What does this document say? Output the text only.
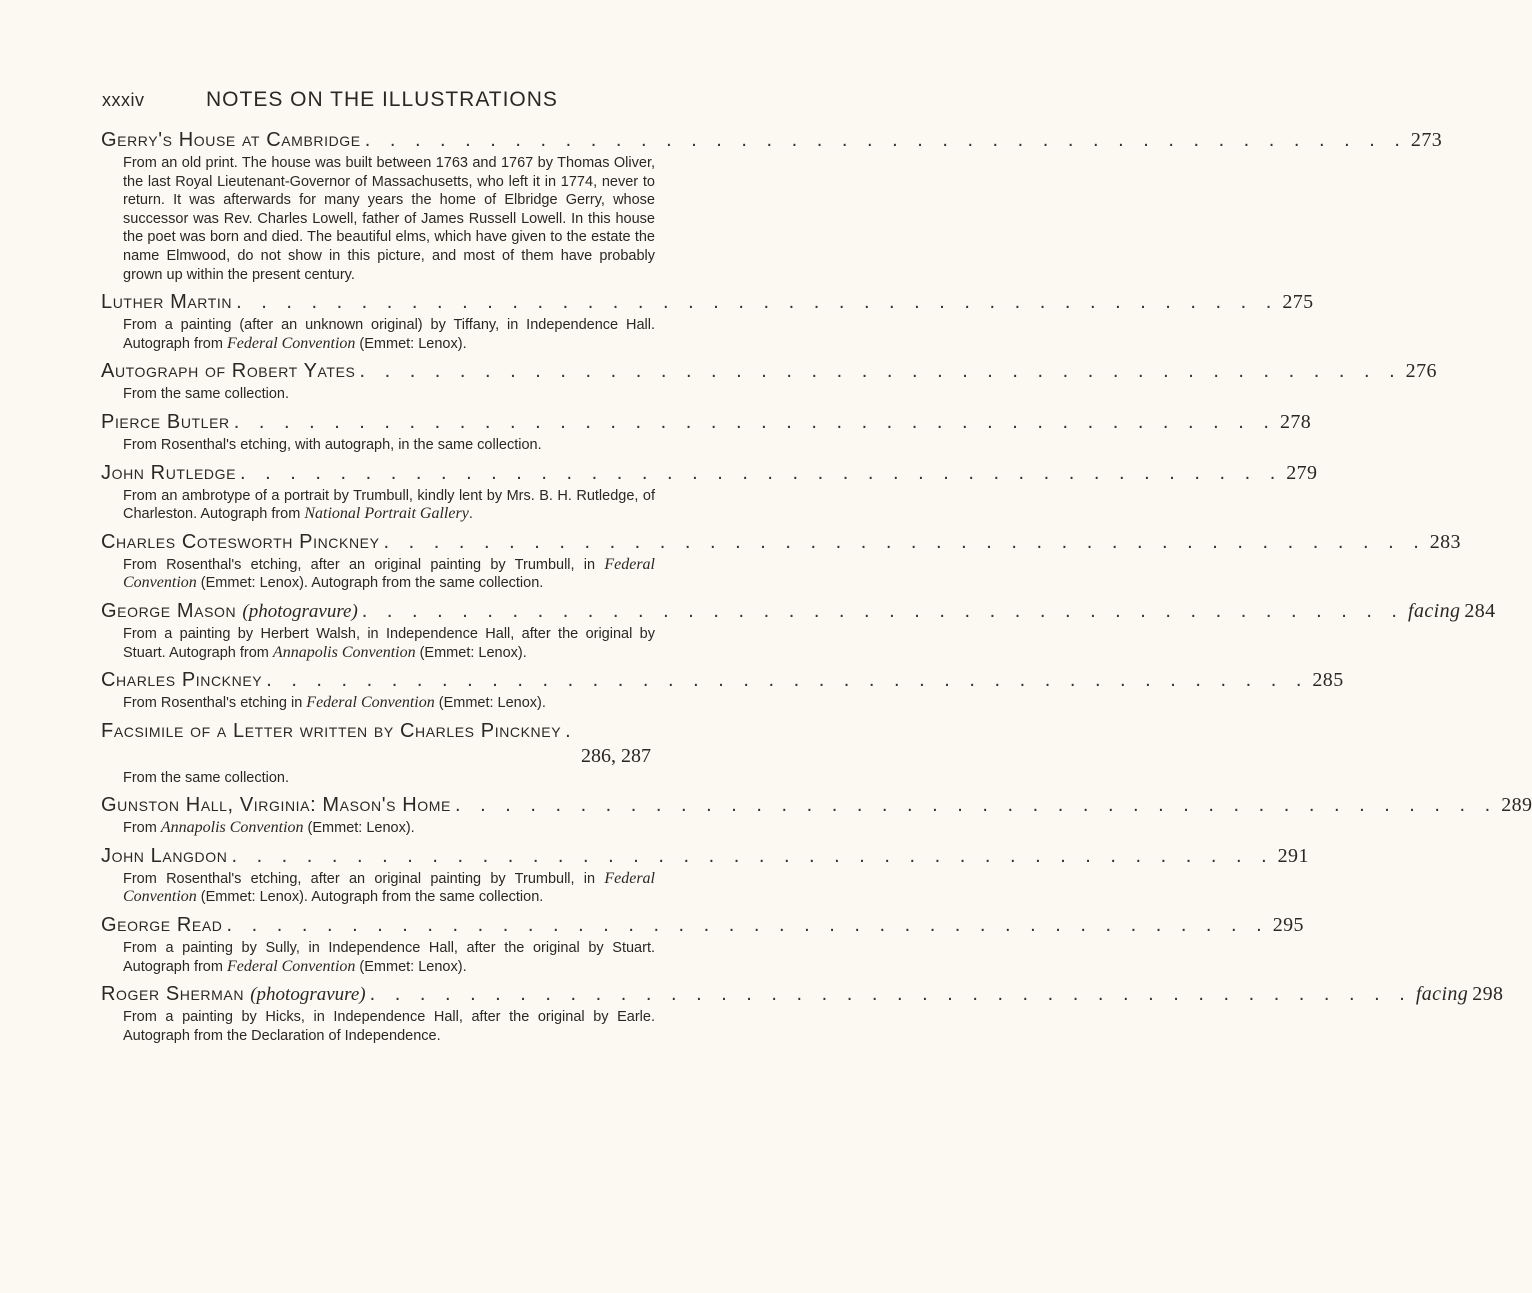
xxxiv	NOTES ON THE ILLUSTRATIONS
Gerry's House at Cambridge . . . . . . . . . . . . . . . . . . . . . . . . . . . . . . . . . . . . . . . . . . 273
From an old print. The house was built between 1763 and 1767 by Thomas Oliver, the last Royal Lieutenant-Governor of Massachusetts, who left it in 1774, never to return. It was afterwards for many years the home of Elbridge Gerry, whose successor was Rev. Charles Lowell, father of James Russell Lowell. In this house the poet was born and died. The beautiful elms, which have given to the estate the name Elmwood, do not show in this picture, and most of them have probably grown up within the present century.
Luther Martin . . . . . . . . . . . . . . . . . . . . . . . . . . . . . . . . . . . . . . . . . . 275
From a painting (after an unknown original) by Tiffany, in Independence Hall. Autograph from Federal Convention (Emmet: Lenox).
Autograph of Robert Yates . . . . . . . . . . . . . . . . . . . . . . . . . . . . . . . . . . . . . . . . . . 276
From the same collection.
Pierce Butler . . . . . . . . . . . . . . . . . . . . . . . . . . . . . . . . . . . . . . . . . . 278
From Rosenthal's etching, with autograph, in the same collection.
John Rutledge . . . . . . . . . . . . . . . . . . . . . . . . . . . . . . . . . . . . . . . . . . 279
From an ambrotype of a portrait by Trumbull, kindly lent by Mrs. B. H. Rutledge, of Charleston. Autograph from National Portrait Gallery.
Charles Cotesworth Pinckney . . . . . . . . . . . . . . . . . . . . . . . . . . . . . . . . . . . . . . . . . . 283
From Rosenthal's etching, after an original painting by Trumbull, in Federal Convention (Emmet: Lenox). Autograph from the same collection.
George Mason (photogravure) . . . . . . . . . . . . . . . . . . . . . . . . . . . . . . . . . . . . . . . . . . facing 284
From a painting by Herbert Walsh, in Independence Hall, after the original by Stuart. Autograph from Annapolis Convention (Emmet: Lenox).
Charles Pinckney . . . . . . . . . . . . . . . . . . . . . . . . . . . . . . . . . . . . . . . . . . 285
From Rosenthal's etching in Federal Convention (Emmet: Lenox).
Facsimile of a Letter written by Charles Pinckney .
286, 287
From the same collection.
Gunston Hall, Virginia: Mason's Home . . . . . . . . . . . . . . . . . . . . . . . . . . . . . . . . . . . . . . . . . . 289
From Annapolis Convention (Emmet: Lenox).
John Langdon . . . . . . . . . . . . . . . . . . . . . . . . . . . . . . . . . . . . . . . . . . 291
From Rosenthal's etching, after an original painting by Trumbull, in Federal Convention (Emmet: Lenox). Autograph from the same collection.
George Read . . . . . . . . . . . . . . . . . . . . . . . . . . . . . . . . . . . . . . . . . . 295
From a painting by Sully, in Independence Hall, after the original by Stuart. Autograph from Federal Convention (Emmet: Lenox).
Roger Sherman (photogravure) . . . . . . . . . . . . . . . . . . . . . . . . . . . . . . . . . . . . . . . . . . facing 298
From a painting by Hicks, in Independence Hall, after the original by Earle. Autograph from the Declaration of Independence.
